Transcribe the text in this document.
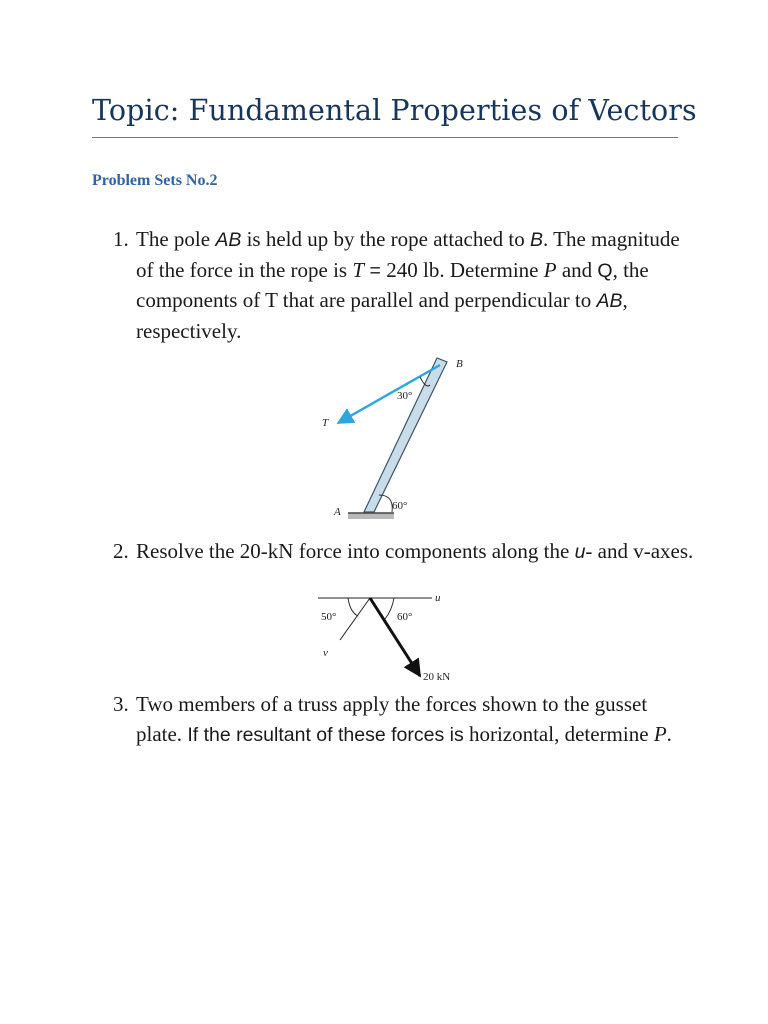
Topic: Fundamental Properties of Vectors
Problem Sets No.2
1. The pole AB is held up by the rope attached to B. The magnitude of the force in the rope is T = 240 lb. Determine P and Q, the components of T that are parallel and perpendicular to AB, respectively.
B
30°
T
60°
A
2. Resolve the 20-kN force into components along the u- and v-axes.
u
50°	60°
v
20 kN
3. Two members of a truss apply the forces shown to the gusset plate. If the resultant of these forces is horizontal, determine P.
